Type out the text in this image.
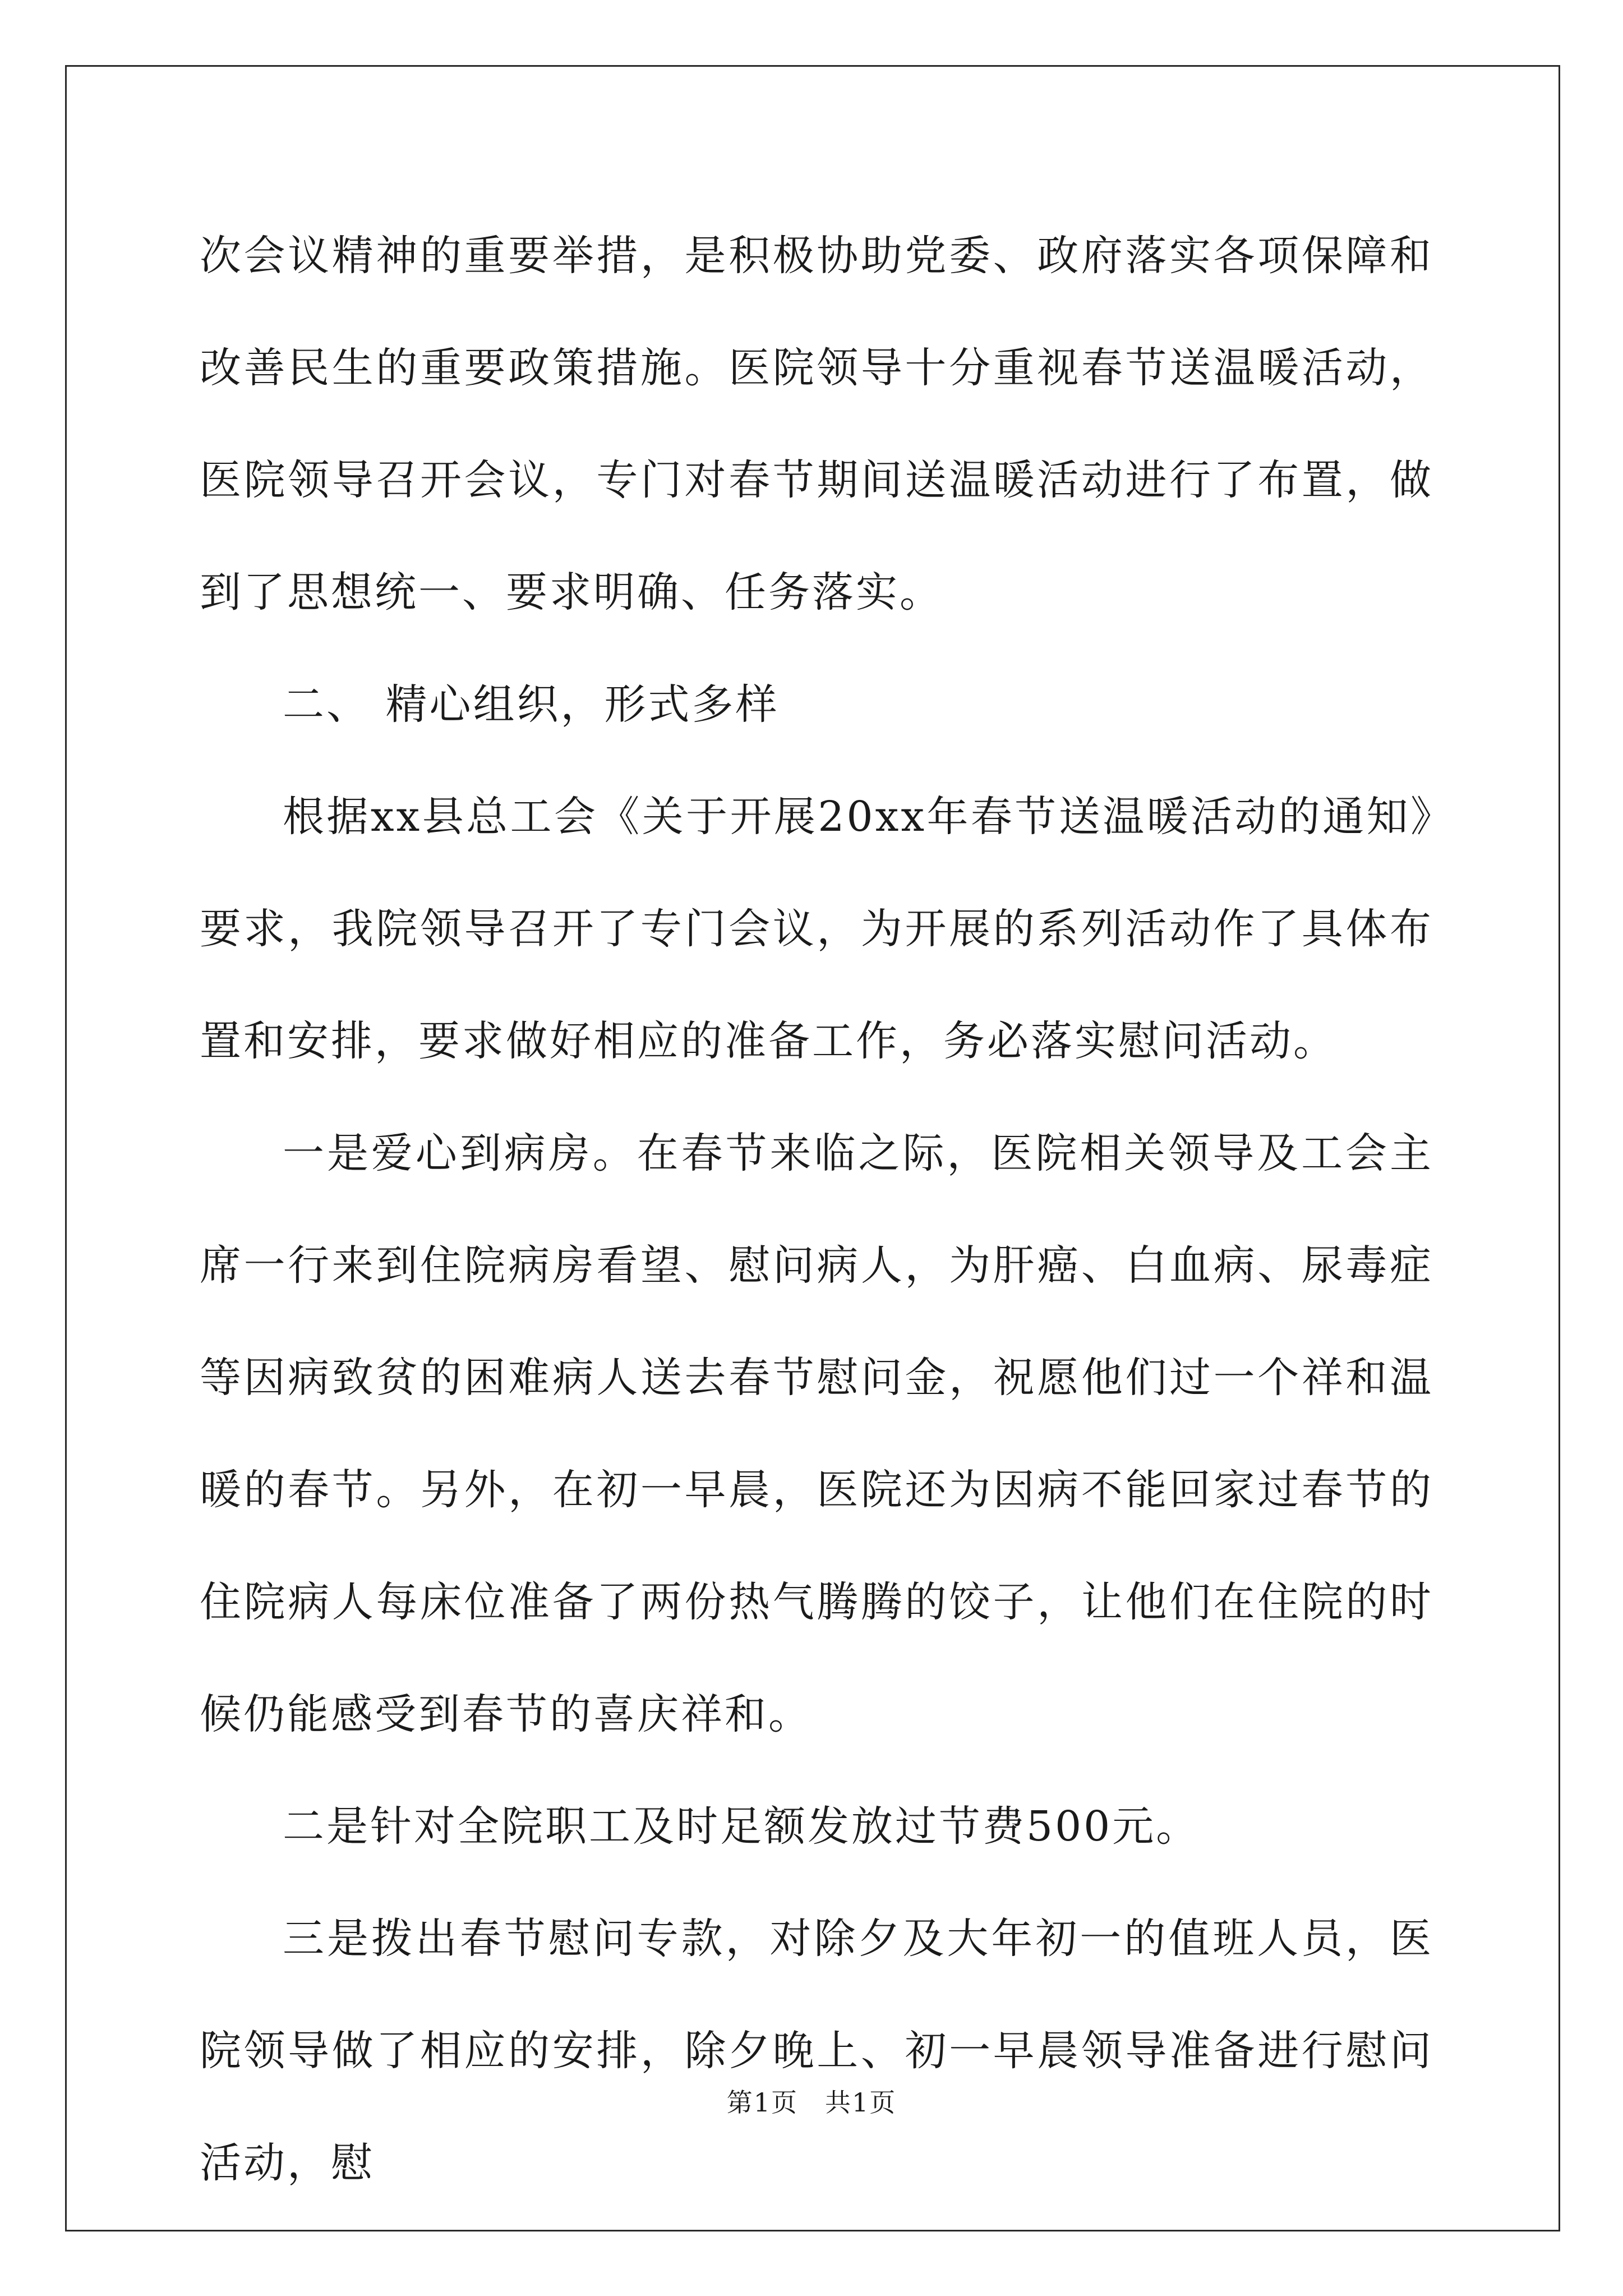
次会议精神的重要举措，是积极协助党委、政府落实各项保障和改善民生的重要政策措施。医院领导十分重视春节送温暖活动，医院领导召开会议，专门对春节期间送温暖活动进行了布置，做到了思想统一、要求明确、任务落实。

二、 精心组织，形式多样

根据xx县总工会《关于开展20xx年春节送温暖活动的通知》要求，我院领导召开了专门会议，为开展的系列活动作了具体布置和安排，要求做好相应的准备工作，务必落实慰问活动。

一是爱心到病房。在春节来临之际，医院相关领导及工会主席一行来到住院病房看望、慰问病人，为肝癌、白血病、尿毒症等因病致贫的困难病人送去春节慰问金，祝愿他们过一个祥和温暖的春节。另外，在初一早晨，医院还为因病不能回家过春节的住院病人每床位准备了两份热气腾腾的饺子，让他们在住院的时候仍能感受到春节的喜庆祥和。

二是针对全院职工及时足额发放过节费500元。

三是拨出春节慰问专款，对除夕及大年初一的值班人员，医院领导做了相应的安排，除夕晚上、初一早晨领导准备进行慰问活动，慰

第1页 共1页
